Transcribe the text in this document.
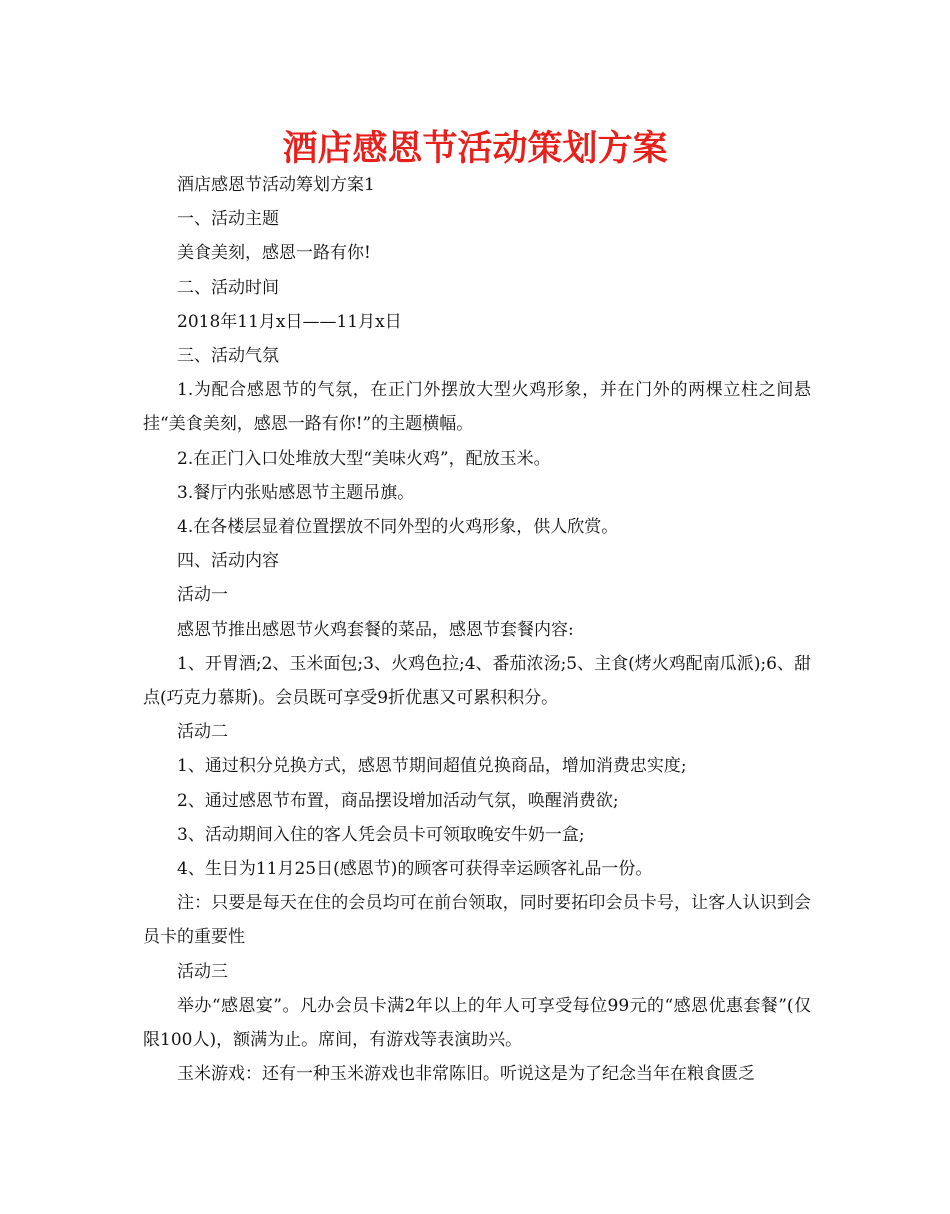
酒店感恩节活动策划方案

酒店感恩节活动筹划方案1

一、活动主题

美食美刻，感恩一路有你!

二、活动时间

2018年11月x日——11月x日

三、活动气氛

1.为配合感恩节的气氛，在正门外摆放大型火鸡形象，并在门外的两棵立柱之间悬挂“美食美刻，感恩一路有你!”的主题横幅。

2.在正门入口处堆放大型“美味火鸡”，配放玉米。

3.餐厅内张贴感恩节主题吊旗。

4.在各楼层显着位置摆放不同外型的火鸡形象，供人欣赏。

四、活动内容

活动一

感恩节推出感恩节火鸡套餐的菜品，感恩节套餐内容:

1、开胃酒;2、玉米面包;3、火鸡色拉;4、番茄浓汤;5、主食(烤火鸡配南瓜派);6、甜点(巧克力慕斯)。会员既可享受9折优惠又可累积积分。

活动二

1、通过积分兑换方式，感恩节期间超值兑换商品，增加消费忠实度;

2、通过感恩节布置，商品摆设增加活动气氛，唤醒消费欲;

3、活动期间入住的客人凭会员卡可领取晚安牛奶一盒;

4、生日为11月25日(感恩节)的顾客可获得幸运顾客礼品一份。

注：只要是每天在住的会员均可在前台领取，同时要拓印会员卡号，让客人认识到会员卡的重要性

活动三

举办“感恩宴”。凡办会员卡满2年以上的年人可享受每位99元的“感恩优惠套餐”(仅限100人)，额满为止。席间，有游戏等表演助兴。

玉米游戏：还有一种玉米游戏也非常陈旧。听说这是为了纪念当年在粮食匮乏
